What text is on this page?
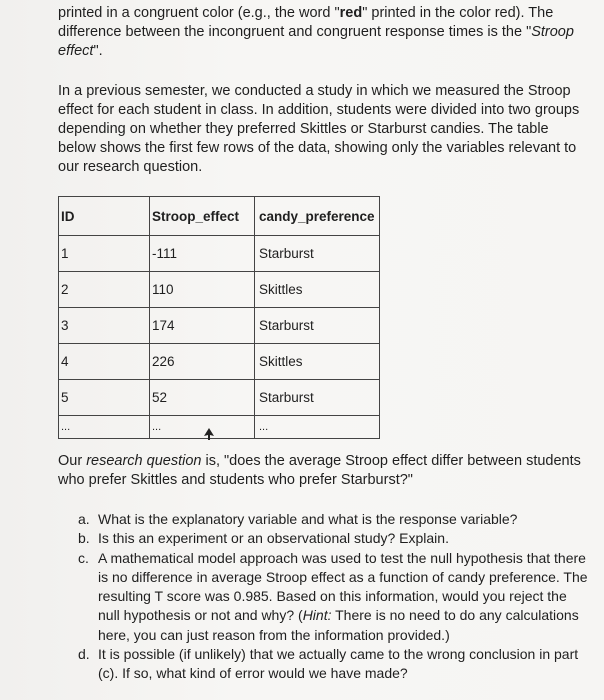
printed in a congruent color (e.g., the word "red" printed in the color red). The difference between the incongruent and congruent response times is the "Stroop effect".

In a previous semester, we conducted a study in which we measured the Stroop effect for each student in class. In addition, students were divided into two groups depending on whether they preferred Skittles or Starburst candies. The table below shows the first few rows of the data, showing only the variables relevant to our research question.

ID	Stroop_effect	candy_preference
1	-111	Starburst
2	110	Skittles
3	174	Starburst
4	226	Skittles
5	52	Starburst
...	...	...

Our research question is, "does the average Stroop effect differ between students who prefer Skittles and students who prefer Starburst?"

a. What is the explanatory variable and what is the response variable?
b. Is this an experiment or an observational study? Explain.
c. A mathematical model approach was used to test the null hypothesis that there is no difference in average Stroop effect as a function of candy preference. The resulting T score was 0.985. Based on this information, would you reject the null hypothesis or not and why? (Hint: There is no need to do any calculations here, you can just reason from the information provided.)
d. It is possible (if unlikely) that we actually came to the wrong conclusion in part (c). If so, what kind of error would we have made?
